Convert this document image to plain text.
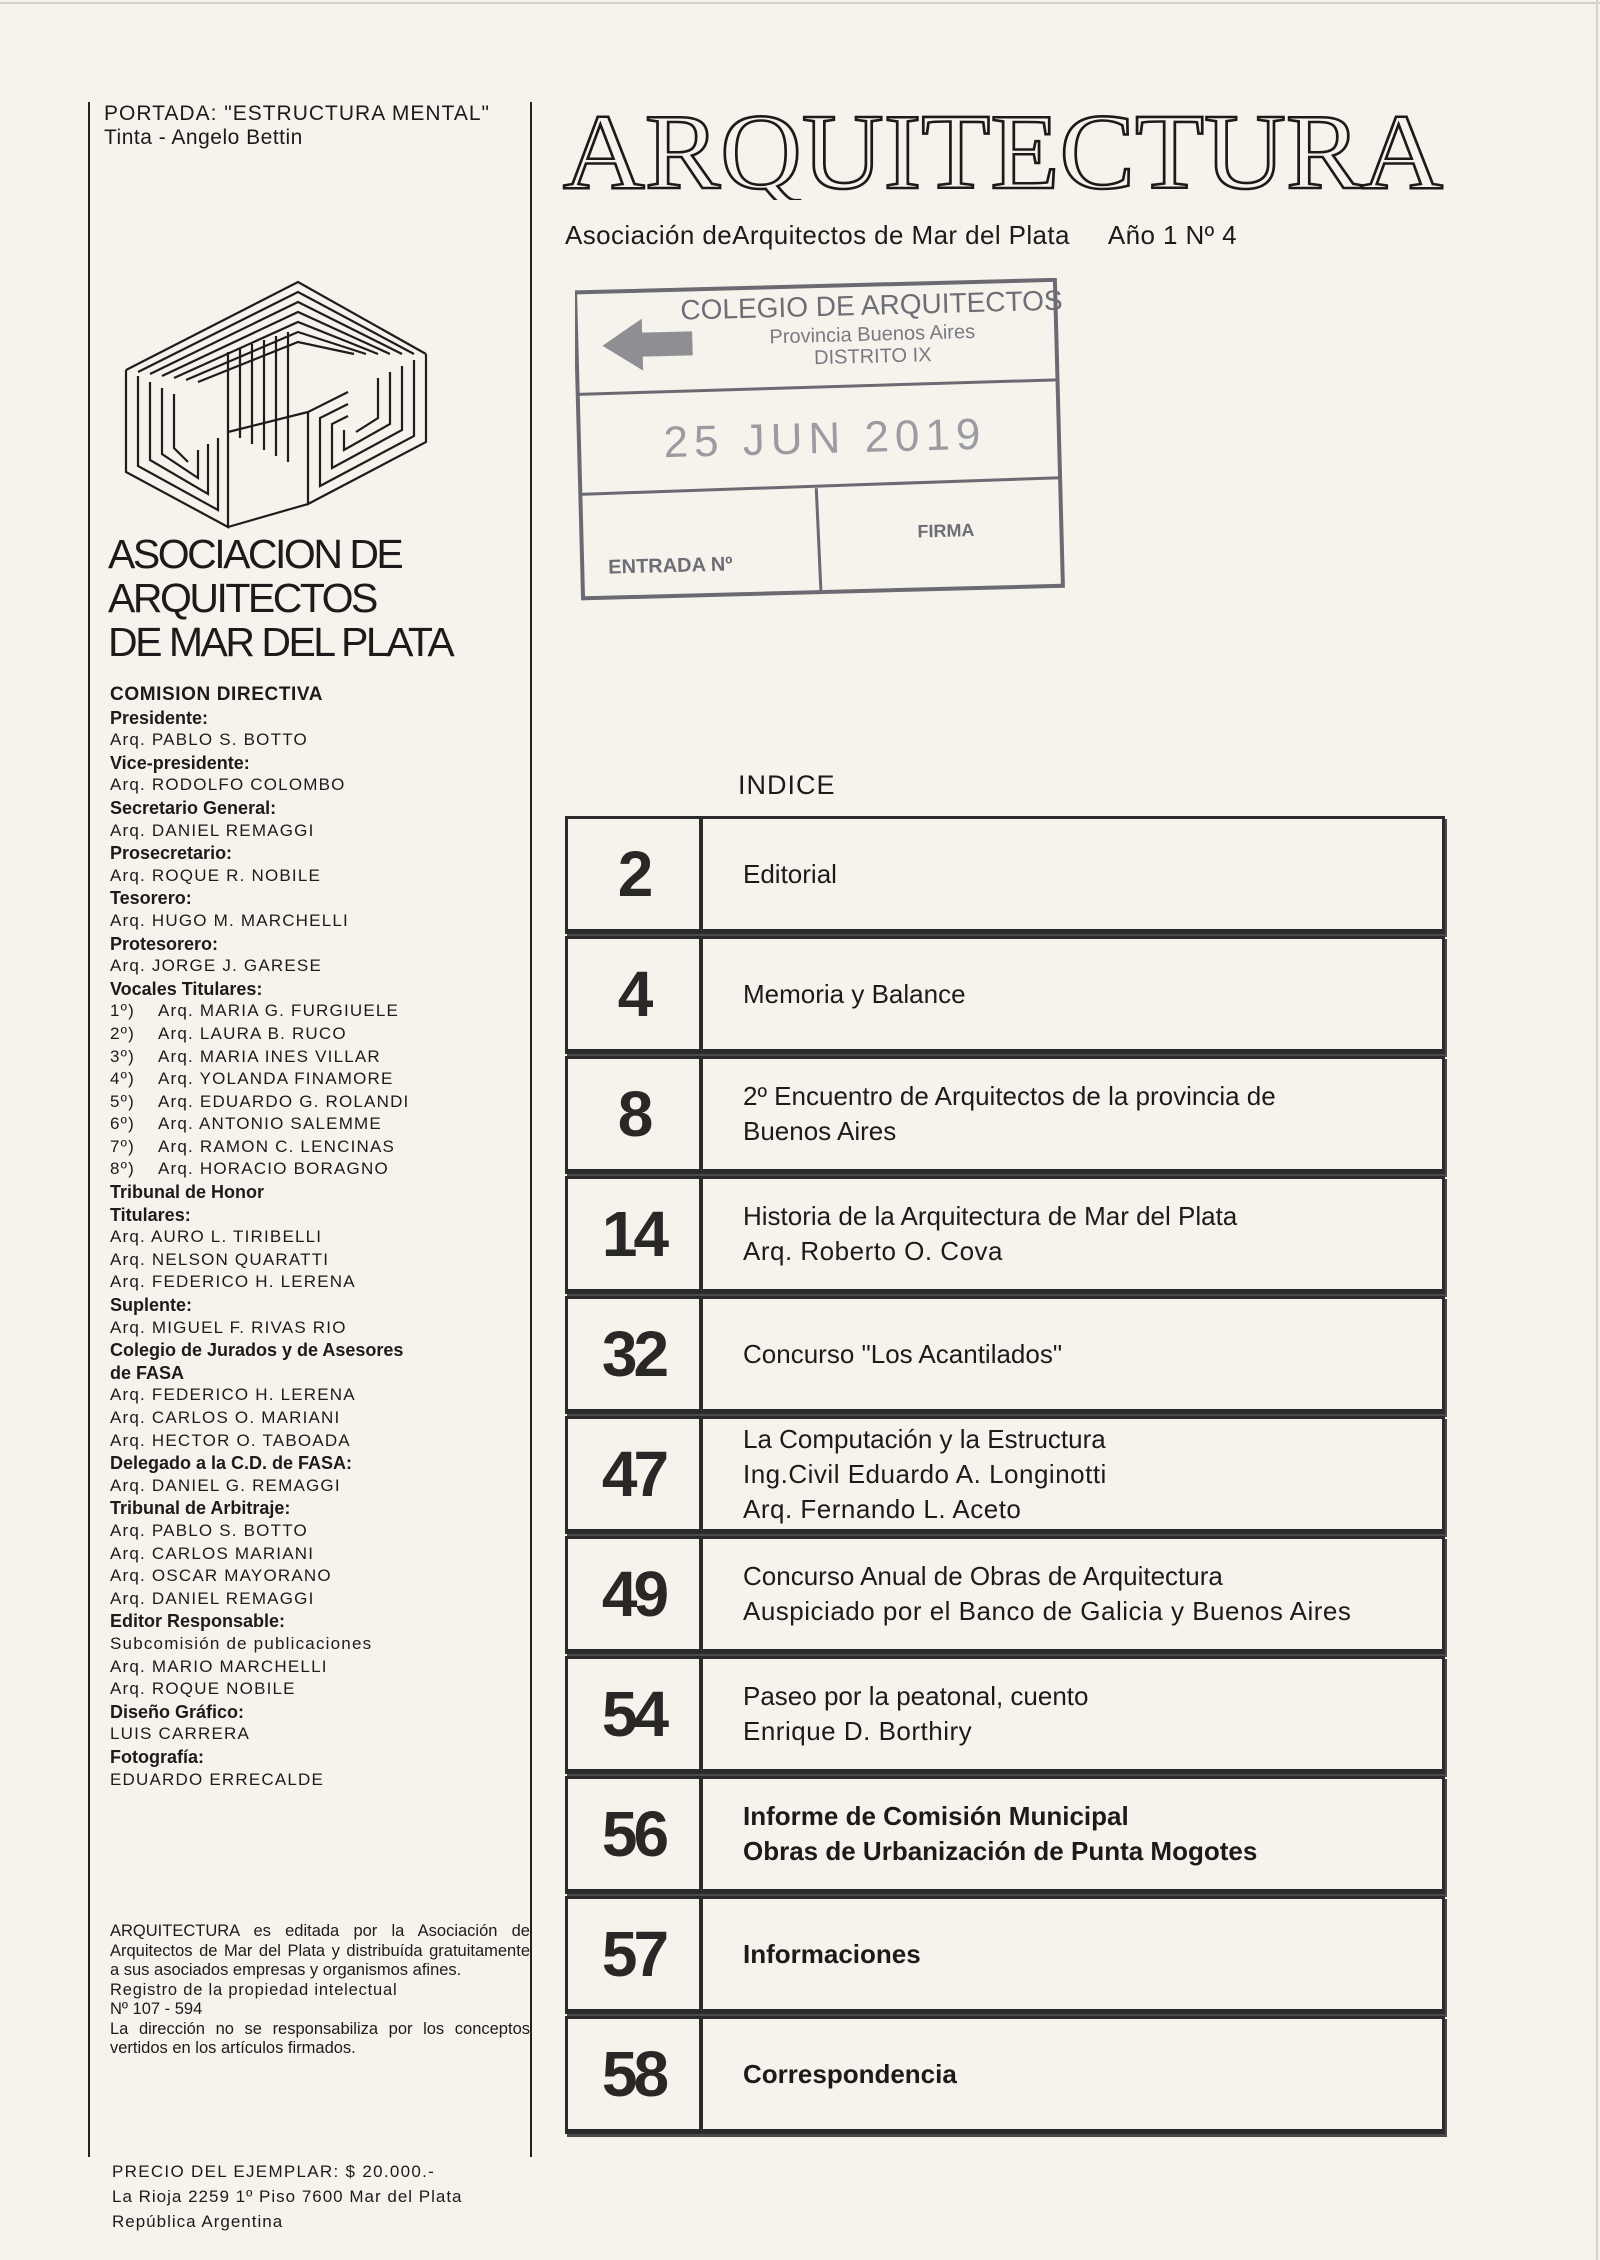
PORTADA: "ESTRUCTURA MENTAL"
Tinta - Angelo Bettin
ASOCIACION DE
ARQUITECTOS
DE MAR DEL PLATA
COMISION DIRECTIVA
Presidente:
Arq. PABLO S. BOTTO
Vice-presidente:
Arq. RODOLFO COLOMBO
Secretario General:
Arq. DANIEL REMAGGI
Prosecretario:
Arq. ROQUE R. NOBILE
Tesorero:
Arq. HUGO M. MARCHELLI
Protesorero:
Arq. JORGE J. GARESE
Vocales Titulares:
1º) Arq. MARIA G. FURGIUELE
2º) Arq. LAURA B. RUCO
3º) Arq. MARIA INES VILLAR
4º) Arq. YOLANDA FINAMORE
5º) Arq. EDUARDO G. ROLANDI
6º) Arq. ANTONIO SALEMME
7º) Arq. RAMON C. LENCINAS
8º) Arq. HORACIO BORAGNO
Tribunal de Honor
Titulares:
Arq. AURO L. TIRIBELLI
Arq. NELSON QUARATTI
Arq. FEDERICO H. LERENA
Suplente:
Arq. MIGUEL F. RIVAS RIO
Colegio de Jurados y de Asesores
de FASA
Arq. FEDERICO H. LERENA
Arq. CARLOS O. MARIANI
Arq. HECTOR O. TABOADA
Delegado a la C.D. de FASA:
Arq. DANIEL G. REMAGGI
Tribunal de Arbitraje:
Arq. PABLO S. BOTTO
Arq. CARLOS MARIANI
Arq. OSCAR MAYORANO
Arq. DANIEL REMAGGI
Editor Responsable:
Subcomisión de publicaciones
Arq. MARIO MARCHELLI
Arq. ROQUE NOBILE
Diseño Gráfico:
LUIS CARRERA
Fotografía:
EDUARDO ERRECALDE
ARQUITECTURA es editada por la Asociación de Arquitectos de Mar del Plata y distribuída gratuitamente a sus asociados empresas y organismos afines.
Registro de la propiedad intelectual
Nº 107 - 594
La dirección no se responsabiliza por los conceptos vertidos en los artículos firmados.
PRECIO DEL EJEMPLAR: $ 20.000.-
La Rioja 2259 1º Piso 7600 Mar del Plata
República Argentina
ARQUITECTURA
Asociación deArquitectos de Mar del Plata Año 1 Nº 4
COLEGIO DE ARQUITECTOS
Provincia Buenos Aires
DISTRITO IX
25 JUN 2019
ENTRADA Nº
FIRMA
INDICE
2	Editorial
4	Memoria y Balance
8	2º Encuentro de Arquitectos de la provincia de
Buenos Aires
14	Historia de la Arquitectura de Mar del Plata
Arq. Roberto O. Cova
32	Concurso "Los Acantilados"
47	La Computación y la Estructura
Ing.Civil Eduardo A. Longinotti
Arq. Fernando L. Aceto
49	Concurso Anual de Obras de Arquitectura
Auspiciado por el Banco de Galicia y Buenos Aires
54	Paseo por la peatonal, cuento
Enrique D. Borthiry
56	Informe de Comisión Municipal
Obras de Urbanización de Punta Mogotes
57	Informaciones
58	Correspondencia
